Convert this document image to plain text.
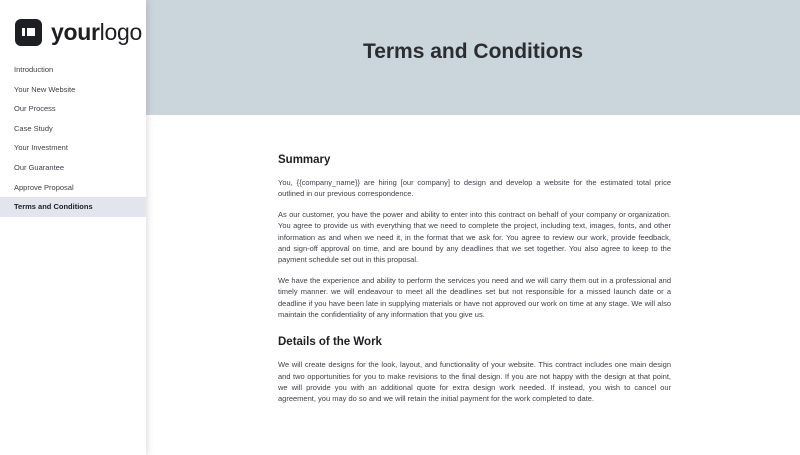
yourlogo
Introduction
Your New Website
Our Process
Case Study
Your Investment
Our Guarantee
Approve Proposal
Terms and Conditions
Terms and Conditions
Summary

You, {{company_name}} are hiring [our company] to design and develop a website for the estimated total price outlined in our previous correspondence.

As our customer, you have the power and ability to enter into this contract on behalf of your company or organization. You agree to provide us with everything that we need to complete the project, including text, images, fonts, and other information as and when we need it, in the format that we ask for. You agree to review our work, provide feedback, and sign-off approval on time, and are bound by any deadlines that we set together. You also agree to keep to the payment schedule set out in this proposal.

We have the experience and ability to perform the services you need and we will carry them out in a professional and timely manner. we will endeavour to meet all the deadlines set but not responsible for a missed launch date or a deadline if you have been late in supplying materials or have not approved our work on time at any stage. We will also maintain the confidentiality of any information that you give us.

Details of the Work

We will create designs for the look, layout, and functionality of your website. This contract includes one main design and two opportunities for you to make revisions to the final design. If you are not happy with the design at that point, we will provide you with an additional quote for extra design work needed. If instead, you wish to cancel our agreement, you may do so and we will retain the initial payment for the work completed to date.
